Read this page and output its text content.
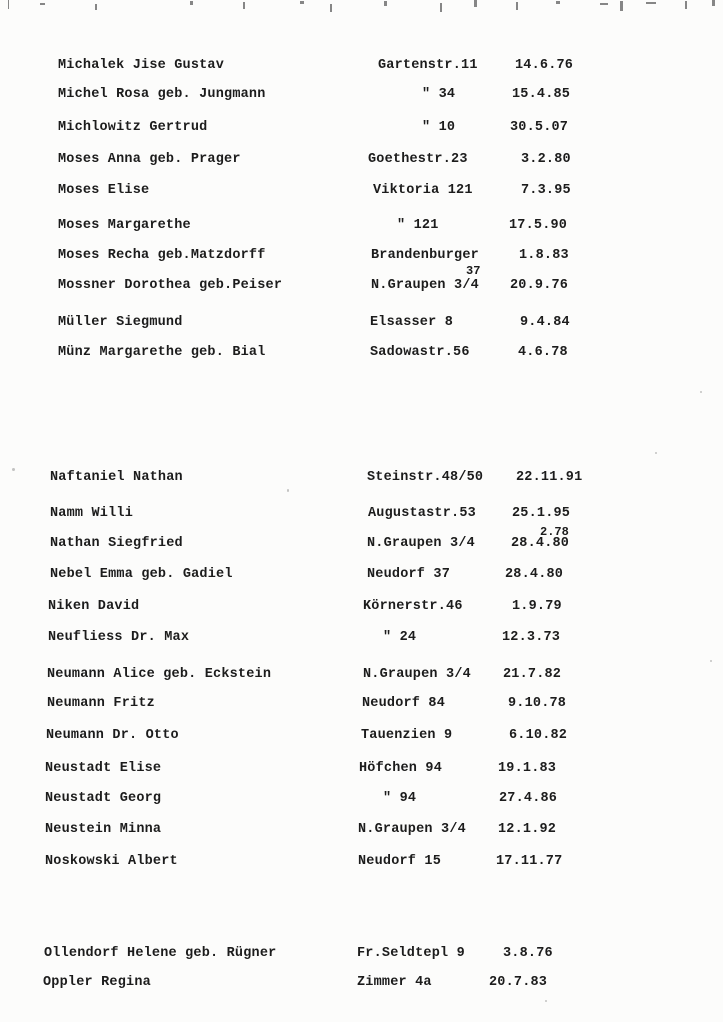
Michalek Jise Gustav	Gartenstr.11	14.6.76
Michel Rosa geb. Jungmann	" 34	15.4.85
Michlowitz Gertrud	" 10	30.5.07
Moses Anna geb. Prager	Goethestr.23	3.2.80
Moses Elise	Viktoria 121	7.3.95
Moses Margarethe	" 121	17.5.90
Moses Recha geb.Matzdorff	Brandenburger	1.8.83
37
Mossner Dorothea geb.Peiser	N.Graupen 3/4 20.9.76
Müller Siegmund	Elsasser 8	9.4.84
Münz Margarethe geb. Bial	Sadowastr.56	4.6.78
Naftaniel Nathan	Steinstr.48/50 22.11.91
Namm Willi	Augustastr.53	25.1.95
2.78
Nathan Siegfried	N.Graupen 3/4	28.4.80
Nebel Emma geb. Gadiel	Neudorf 37	28.4.80
Niken David	Körnerstr.46	1.9.79
Neufliess Dr. Max	" 24	12.3.73
Neumann Alice geb. Eckstein	N.Graupen 3/4 21.7.82
Neumann Fritz	Neudorf 84	9.10.78
Neumann Dr. Otto	Tauenzien 9	6.10.82
Neustadt Elise	Höfchen 94	19.1.83
Neustadt Georg	" 94	27.4.86
Neustein Minna	N.Graupen 3/4 12.1.92
Noskowski Albert	Neudorf 15	17.11.77
Ollendorf Helene geb. Rügner	Fr.Seldtepl 9	3.8.76
Oppler Regina	Zimmer 4a	20.7.83
